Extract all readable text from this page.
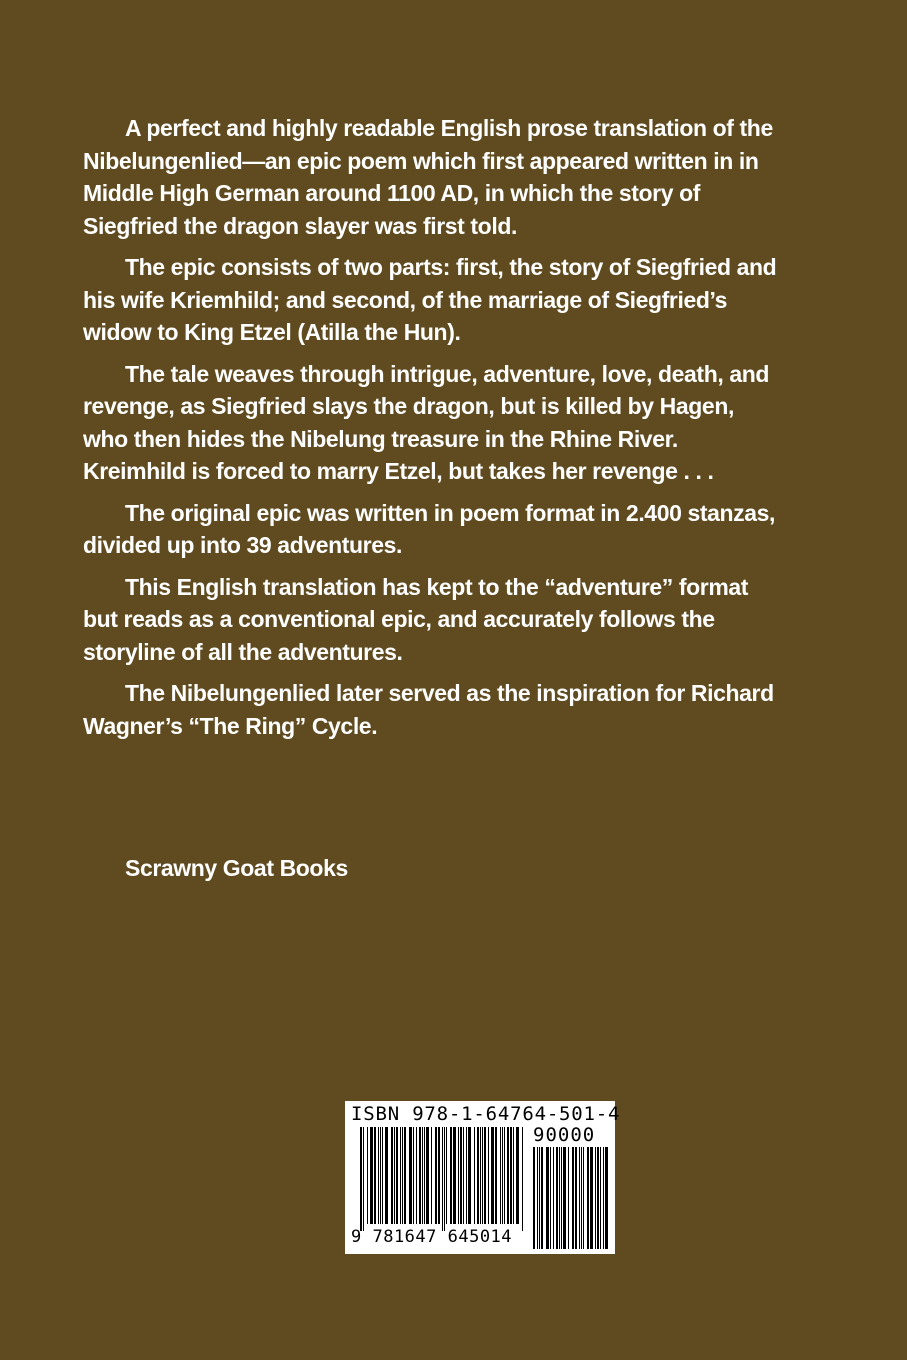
A perfect and highly readable English prose translation of the Nibelungenlied—an epic poem which first appeared written in in Middle High German around 1100 AD, in which the story of Siegfried the dragon slayer was first told.

The epic consists of two parts: first, the story of Siegfried and his wife Kriemhild; and second, of the marriage of Siegfried’s widow to King Etzel (Atilla the Hun).

The tale weaves through intrigue, adventure, love, death, and revenge, as Siegfried slays the dragon, but is killed by Hagen, who then hides the Nibelung treasure in the Rhine River. Kreimhild is forced to marry Etzel, but takes her revenge . . .

The original epic was written in poem format in 2.400 stanzas, divided up into 39 adventures.

This English translation has kept to the “adventure” format but reads as a conventional epic, and accurately follows the storyline of all the adventures.

The Nibelungenlied later served as the inspiration for Richard Wagner’s “The Ring” Cycle.

Scrawny Goat Books
ISBN 978-1-64764-501-4
90000
9 781647 645014
